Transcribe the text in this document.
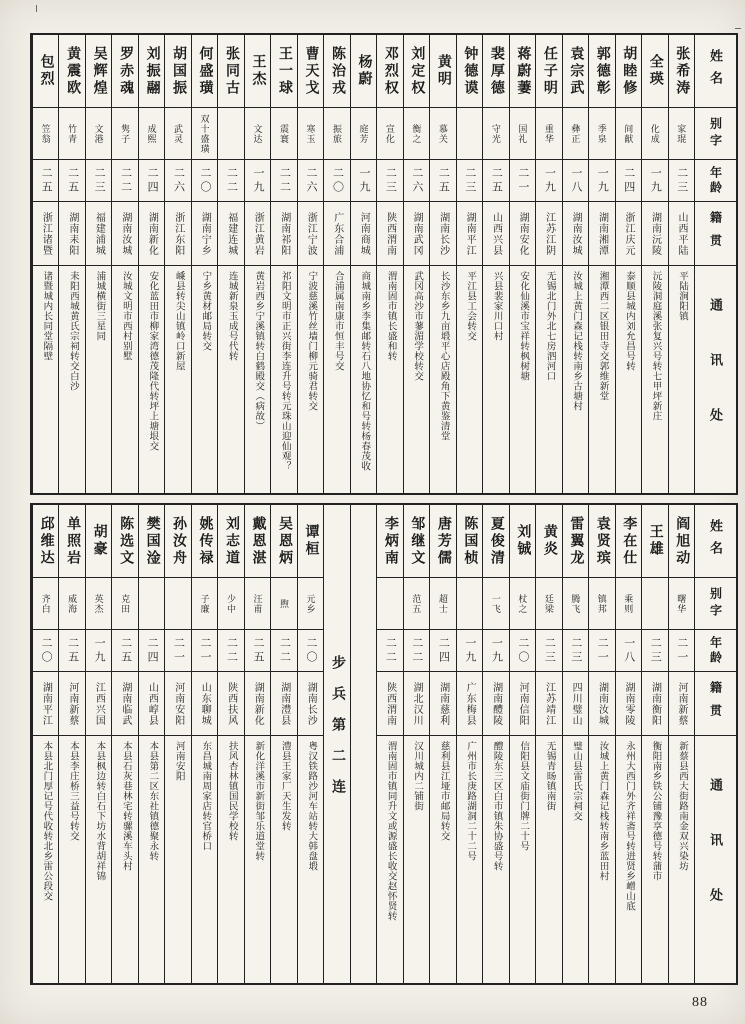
姓名
别字
年龄
籍贯
通讯处
张希涛
家琨
二三
山西平陆
平陆涧阳镇
全瑛
化成
一九
湖南沅陵
沅陵洞庭溪张复兴号转七甲坪新庄
胡睦修
间献
二四
浙江庆元
泰顺县城内刘允昌号转
郭德彰
季泉
一九
湖南湘潭
湘潭西二区银田寺交郭维新堂
袁宗武
彝正
一八
湖南汝城
汝城上黄门森记栈转南乡古塘村
任子明
重华
一九
江苏江阴
无锡北门外北七房泗河口
蒋蔚萋
国礼
二一
湖南安化
安化仙溪市宝祥转枫树塘
裴厚德
守光
二五
山西兴县
兴县裴家川口村
钟德谟
二三
湖南平江
平江县工会转交
黄明
慕关
二五
湖南长沙
长沙东乡九亩塅平心店殿角下黄鉴清堂
刘定权
衡之
二六
湖南武冈
武冈高沙市蓼湄学校转交
邓烈权
宣化
二三
陕西渭南
渭南固市镇长盛和转
杨蔚
庭芳
一九
河南商城
商城南乡李集邮转石八地协忆和号转杨春茂收
陈治戎
振旅
二〇
广东合浦
合浦属南康市恒丰号交
曹天戈
寒玉
二六
浙江宁波
宁波慈溪竹丝墙门柳元骑君转交
王一球
震寰
二二
湖南祁阳
祁阳文明市正兴街李连升号转元珠山迎仙观？
王杰
文达
一九
浙江黄岩
黄岩西乡宁溪镇转白鹤殿交（病故）
张同古
二二
福建连城
连城新泉玉成号代转
何盛璜
双十盛璜
二〇
湖南宁乡
宁乡黄材邮局转交
胡国振
武灵
二六
浙江东阳
嵊县转尖山镇岭口新屋
刘振翮
成熙
二四
湖南新化
安化蓝田市柳家湾德茂隆代转坪上塘垠交
罗赤魂
隽子
二二
湖南汝城
汝城文明市西村别墅
吴辉煌
文港
二三
福建浦城
浦城横街三星同
黄震欧
竹青
二五
湖南耒阳
耒阳西城黄氏宗祠转交白沙
包烈
笠翁
二五
浙江诸暨
诸暨城内长同堂隔壁
姓名
别字
年龄
籍贯
通讯处
阎旭动
曙华
二一
河南新蔡
新蔡县西大街路南金双兴染坊
王雄
二三
湖南衡阳
衡阳南乡铁公铺豫享德号转蒲市
李在仕
乘则
一八
湖南零陵
永州大西门外齐祥斋号转进贤乡嶒山底
袁贤瑸
镇邦
二一
湖南汝城
汝城上黄门森记栈转南乡蓝田村
雷翼龙
腾飞
二三
四川璧山
璧山县雷氏宗祠交
黄炎
廷梁
二三
江苏靖江
无锡青旸镇南街
刘铖
杖之
二〇
河南信阳
信阳县文庙街门牌二十号
夏俊清
一飞
一九
湖南醴陵
醴陵东三区白市镇朱协盛号转
陈国桢
一九
广东梅县
广州市长庚路湖洞二十二号
唐芳儒
超士
二四
湖南慈利
慈利县江垭市邮局转交
邹继文
范五
二二
湖北汉川
汉川城内二铺街
李炳南
二二
陕西渭南
渭南固市镇同升文或源盛长收交赵怀贤转
步兵第二连
谭桓
元乡
二〇
湖南长沙
粤汉铁路沙河车站转大韩盘塅
吴恩炳
煦
二二
湖南澧县
澧县王家厂天生发转
戴恩湛
汪甫
二五
湖南新化
新化洋溪市新街邹乐道堂转
刘志道
少中
二二
陕西扶风
扶风杏林镇国民学校转
姚传禄
子廉
二一
山东聊城
东昌城南周家店转官桥口
孙汝舟
二一
河南安阳
河南安阳
樊国淦
二四
山西崞县
本县第二区东社镇德聚永转
陈选文
克田
二五
湖南临武
本县石灰巷林宅转骡溪车头村
胡豪
英杰
一九
江西兴国
本县枫边转白石下坊水背胡祥锦
单照岩
威海
二五
河南新蔡
本县李庄桥三益号转交
邱维达
齐白
二〇
湖南平江
本县北门厚记号代收转北乡雷公段交
88
